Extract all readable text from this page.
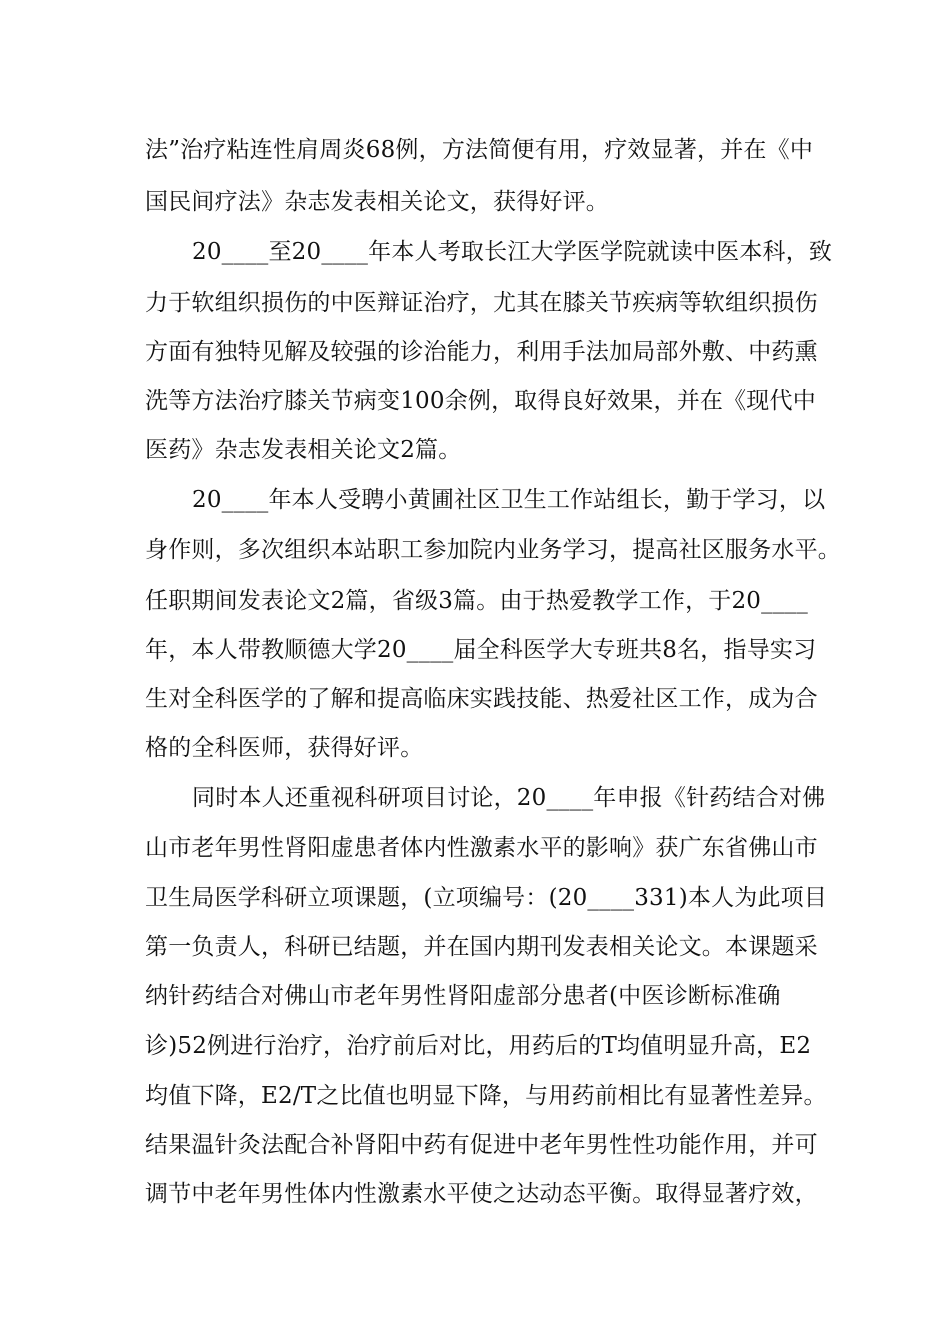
法”治疗粘连性肩周炎68例，方法简便有用，疗效显著，并在《中
国民间疗法》杂志发表相关论文，获得好评。
20____至20____年本人考取长江大学医学院就读中医本科，致
力于软组织损伤的中医辩证治疗，尤其在膝关节疾病等软组织损伤
方面有独特见解及较强的诊治能力，利用手法加局部外敷、中药熏
洗等方法治疗膝关节病变100余例，取得良好效果，并在《现代中
医药》杂志发表相关论文2篇。
20____年本人受聘小黄圃社区卫生工作站组长，勤于学习，以
身作则，多次组织本站职工参加院内业务学习，提高社区服务水平。
任职期间发表论文2篇，省级3篇。由于热爱教学工作，于20____
年，本人带教顺德大学20____届全科医学大专班共8名，指导实习
生对全科医学的了解和提高临床实践技能、热爱社区工作，成为合
格的全科医师，获得好评。
同时本人还重视科研项目讨论，20____年申报《针药结合对佛
山市老年男性肾阳虚患者体内性激素水平的影响》获广东省佛山市
卫生局医学科研立项课题，(立项编号：(20____331)本人为此项目
第一负责人，科研已结题，并在国内期刊发表相关论文。本课题采
纳针药结合对佛山市老年男性肾阳虚部分患者(中医诊断标准确
诊)52例进行治疗，治疗前后对比，用药后的T均值明显升高，E2
均值下降，E2/T之比值也明显下降，与用药前相比有显著性差异。
结果温针灸法配合补肾阳中药有促进中老年男性性功能作用，并可
调节中老年男性体内性激素水平使之达动态平衡。取得显著疗效，
